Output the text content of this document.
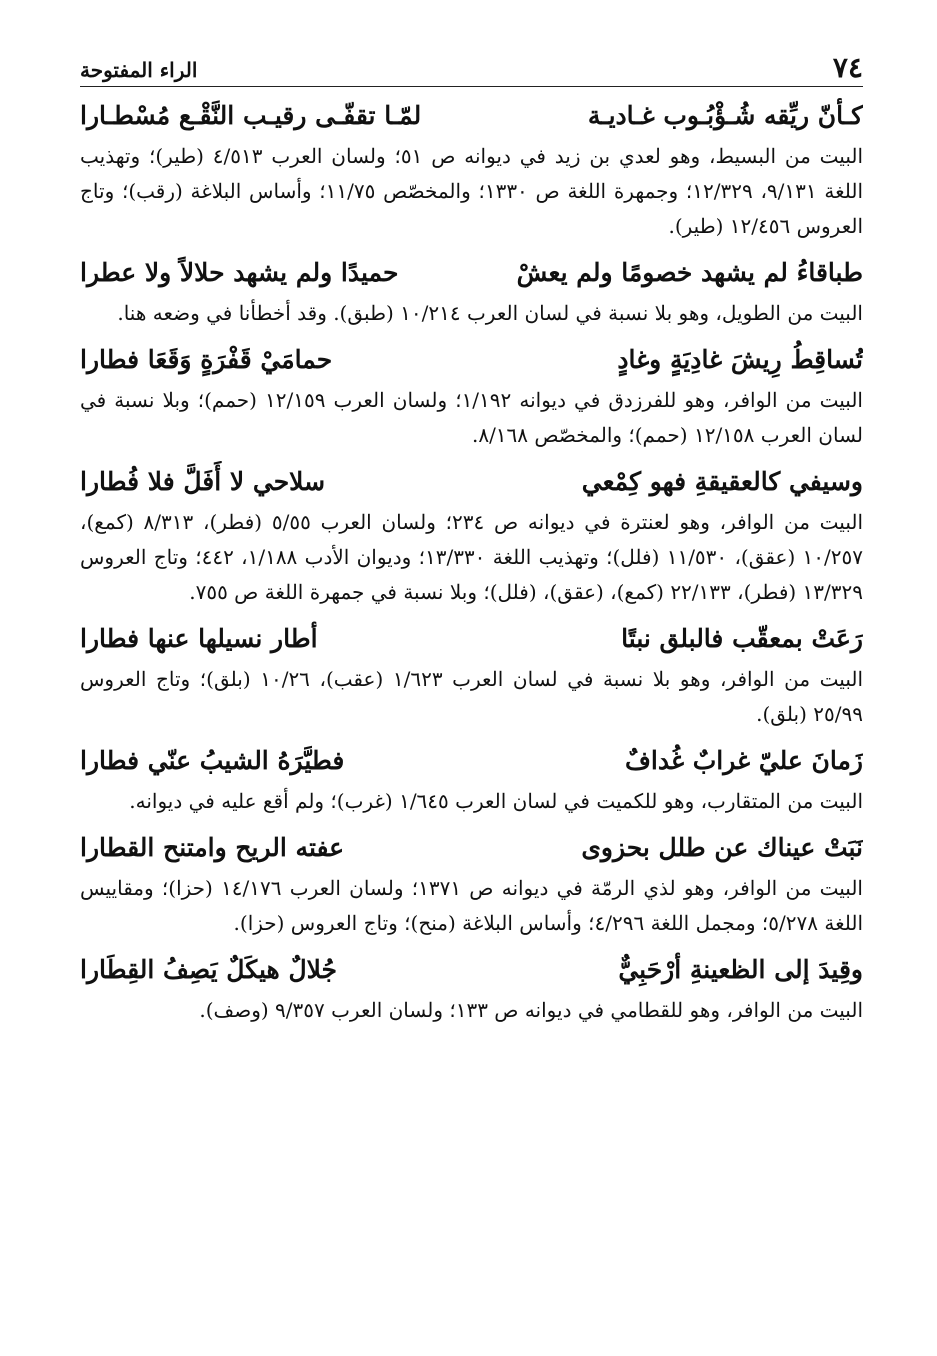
٧٤
الراء المفتوحة
كـأنّ ريِّقه شُـؤْبُـوب غـاديـة
لمّـا تقفّـى رقيـب النَّقْـع مُسْطـارا

البيت من البسيط، وهو لعدي بن زيد في ديوانه ص ٥١؛ ولسان العرب ٤/٥١٣ (طير)؛ وتهذيب اللغة ٩/١٣١، ١٢/٣٢٩؛ وجمهرة اللغة ص ١٣٣٠؛ والمخصّص ١١/٧٥؛ وأساس البلاغة (رقب)؛ وتاج العروس ١٢/٤٥٦ (طير).

طباقاءُ لم يشهد خصومًا ولم يعشْ
حميدًا ولم يشهد حلالاً ولا عطرا

البيت من الطويل، وهو بلا نسبة في لسان العرب ١٠/٢١٤ (طبق). وقد أخطأنا في وضعه هنا.

تُساقِطُ رِيشَ غادِيَةٍ وغادٍ
حمامَيْ قَفْرَةٍ وَقَعَا فطارا

البيت من الوافر، وهو للفرزدق في ديوانه ١/١٩٢؛ ولسان العرب ١٢/١٥٩ (حمم)؛ وبلا نسبة في لسان العرب ١٢/١٥٨ (حمم)؛ والمخصّص ٨/١٦٨.

وسيفي كالعقيقةِ فهو كِمْعي
سلاحي لا أَفَلَّ فلا فُطارا

البيت من الوافر، وهو لعنترة في ديوانه ص ٢٣٤؛ ولسان العرب ٥/٥٥ (فطر)، ٨/٣١٣ (كمع)، ١٠/٢٥٧ (عقق)، ١١/٥٣٠ (فلل)؛ وتهذيب اللغة ١٣/٣٣٠؛ وديوان الأدب ١/١٨٨، ٤٤٢؛ وتاج العروس ١٣/٣٢٩ (فطر)، ٢٢/١٣٣ (كمع)، (عقق)، (فلل)؛ وبلا نسبة في جمهرة اللغة ص ٧٥٥.

رَعَتْ بمعقّب فالبلق نبتًا
أطار نسيلها عنها فطارا

البيت من الوافر، وهو بلا نسبة في لسان العرب ١/٦٢٣ (عقب)، ١٠/٢٦ (بلق)؛ وتاج العروس ٢٥/٩٩ (بلق).

زَمانَ عليّ غرابٌ غُدافٌ
فطيَّرَهُ الشيبُ عنّي فطارا

البيت من المتقارب، وهو للكميت في لسان العرب ١/٦٤٥ (غرب)؛ ولم أقع عليه في ديوانه.

نَبَتْ عيناك عن طلل بحزوى
عفته الريح وامتنح القطارا

البيت من الوافر، وهو لذي الرمّة في ديوانه ص ١٣٧١؛ ولسان العرب ١٤/١٧٦ (حزا)؛ ومقاييس اللغة ٥/٢٧٨؛ ومجمل اللغة ٤/٢٩٦؛ وأساس البلاغة (منح)؛ وتاج العروس (حزا).

وقِيدَ إلى الظعينةِ أرْحَبِيٌّ
جُلالٌ هيكَلٌ يَصِفُ القِطَارا

البيت من الوافر، وهو للقطامي في ديوانه ص ١٣٣؛ ولسان العرب ٩/٣٥٧ (وصف).
